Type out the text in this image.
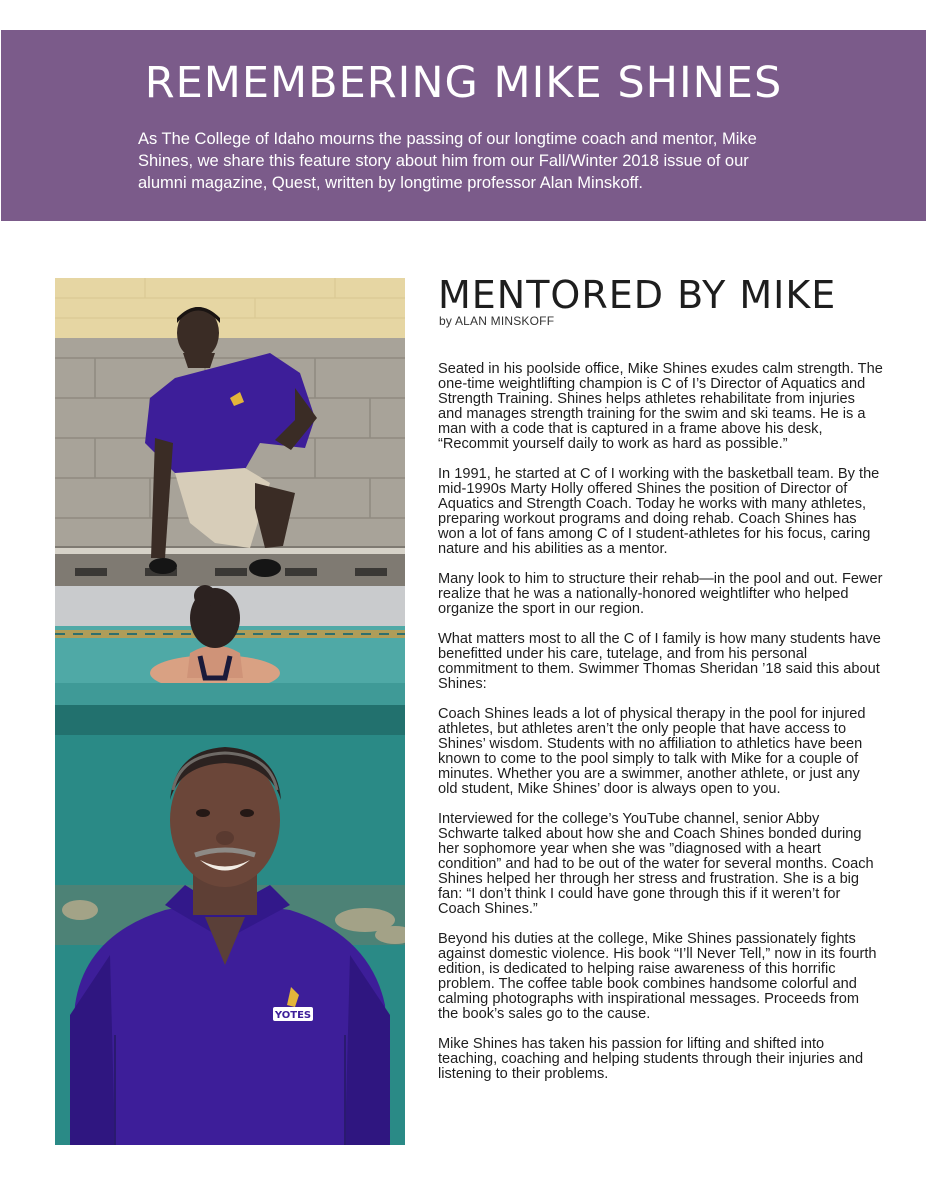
REMEMBERING MIKE SHINES

As The College of Idaho mourns the passing of our longtime coach and mentor, Mike Shines, we share this feature story about him from our Fall/Winter 2018 issue of our alumni magazine, Quest, written by longtime professor Alan Minskoff.

YOTES
MENTORED BY MIKE

by ALAN MINSKOFF

Seated in his poolside office, Mike Shines exudes calm strength. The one-time weightlifting champion is C of I’s Director of Aquatics and Strength Training. Shines helps athletes rehabilitate from injuries and manages strength training for the swim and ski teams. He is a man with a code that is captured in a frame above his desk, “Recommit yourself daily to work as hard as possible.”

In 1991, he started at C of I working with the basketball team. By the mid-1990s Marty Holly offered Shines the position of Director of Aquatics and Strength Coach. Today he works with many athletes, preparing workout programs and doing rehab. Coach Shines has won a lot of fans among C of I student-athletes for his focus, caring nature and his abilities as a mentor.

Many look to him to structure their rehab—in the pool and out. Fewer realize that he was a nationally-honored weightlifter who helped organize the sport in our region.

What matters most to all the C of I family is how many students have benefitted under his care, tutelage, and from his personal commitment to them. Swimmer Thomas Sheridan ’18 said this about Shines:

Coach Shines leads a lot of physical therapy in the pool for injured athletes, but athletes aren’t the only people that have access to Shines’ wisdom. Students with no affiliation to athletics have been known to come to the pool simply to talk with Mike for a couple of minutes. Whether you are a swimmer, another athlete, or just any old student, Mike Shines’ door is always open to you.

Interviewed for the college’s YouTube channel, senior Abby Schwarte talked about how she and Coach Shines bonded during her sophomore year when she was ”diagnosed with a heart condition” and had to be out of the water for several months. Coach Shines helped her through her stress and frustration. She is a big fan: “I don’t think I could have gone through this if it weren’t for Coach Shines.”

Beyond his duties at the college, Mike Shines passionately fights against domestic violence. His book “I’ll Never Tell,” now in its fourth edition, is dedicated to helping raise awareness of this horrific problem. The coffee table book combines handsome colorful and calming photographs with inspirational messages. Proceeds from the book’s sales go to the cause.

Mike Shines has taken his passion for lifting and shifted into teaching, coaching and helping students through their injuries and listening to their problems.
